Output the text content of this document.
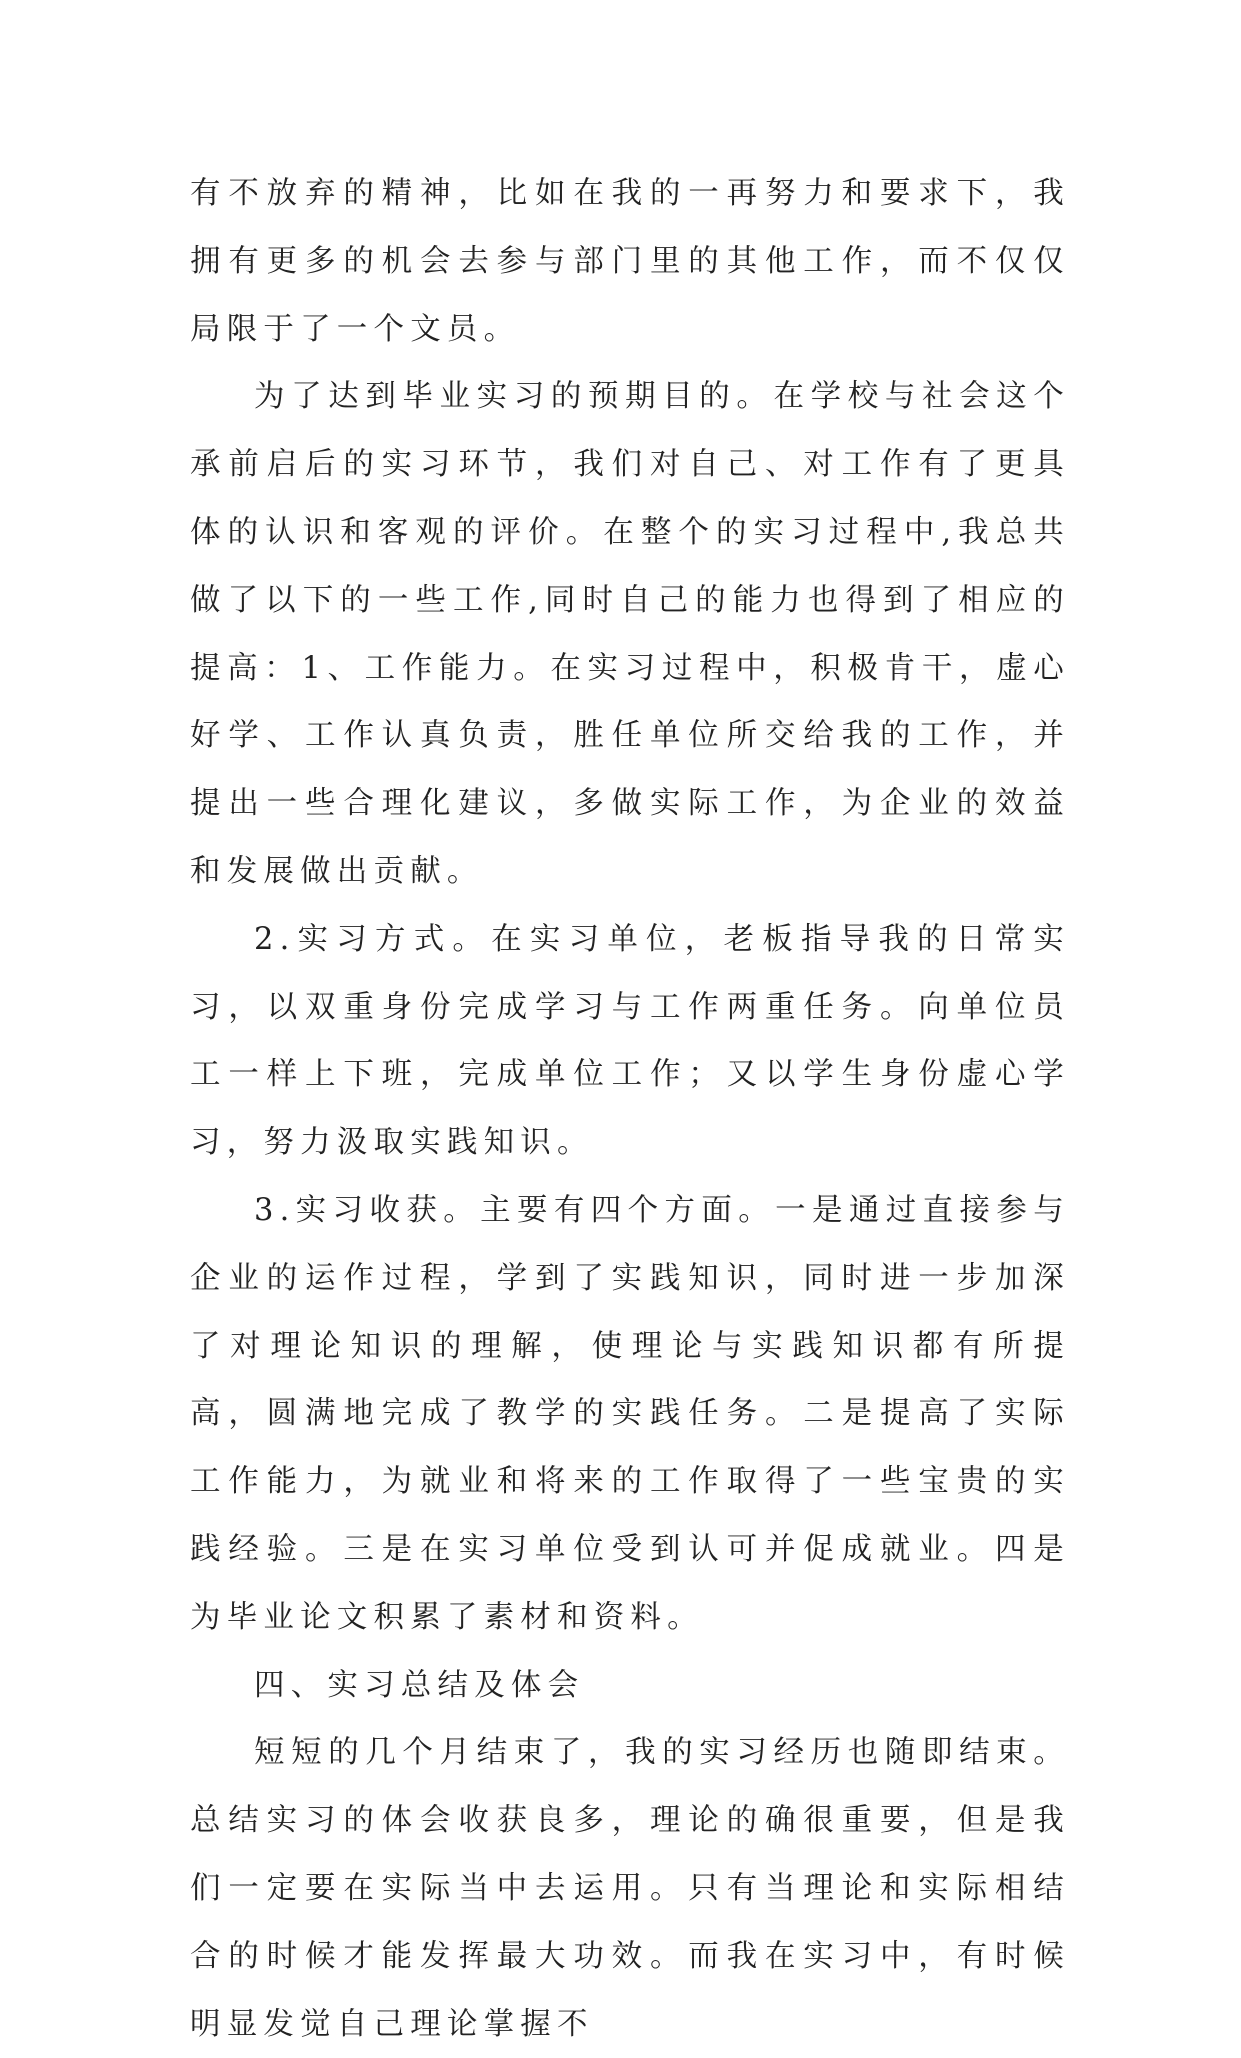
有不放弃的精神，比如在我的一再努力和要求下，我拥有更多的机会去参与部门里的其他工作，而不仅仅局限于了一个文员。

为了达到毕业实习的预期目的。在学校与社会这个承前启后的实习环节，我们对自己、对工作有了更具体的认识和客观的评价。在整个的实习过程中,我总共做了以下的一些工作,同时自己的能力也得到了相应的提高：1、工作能力。在实习过程中，积极肯干，虚心好学、工作认真负责，胜任单位所交给我的工作，并提出一些合理化建议，多做实际工作，为企业的效益和发展做出贡献。

2.实习方式。在实习单位，老板指导我的日常实习，以双重身份完成学习与工作两重任务。向单位员工一样上下班，完成单位工作；又以学生身份虚心学习，努力汲取实践知识。

3.实习收获。主要有四个方面。一是通过直接参与企业的运作过程，学到了实践知识，同时进一步加深了对理论知识的理解，使理论与实践知识都有所提高，圆满地完成了教学的实践任务。二是提高了实际工作能力，为就业和将来的工作取得了一些宝贵的实践经验。三是在实习单位受到认可并促成就业。四是为毕业论文积累了素材和资料。

四、实习总结及体会

短短的几个月结束了，我的实习经历也随即结束。总结实习的体会收获良多，理论的确很重要，但是我们一定要在实际当中去运用。只有当理论和实际相结合的时候才能发挥最大功效。而我在实习中，有时候明显发觉自己理论掌握不
